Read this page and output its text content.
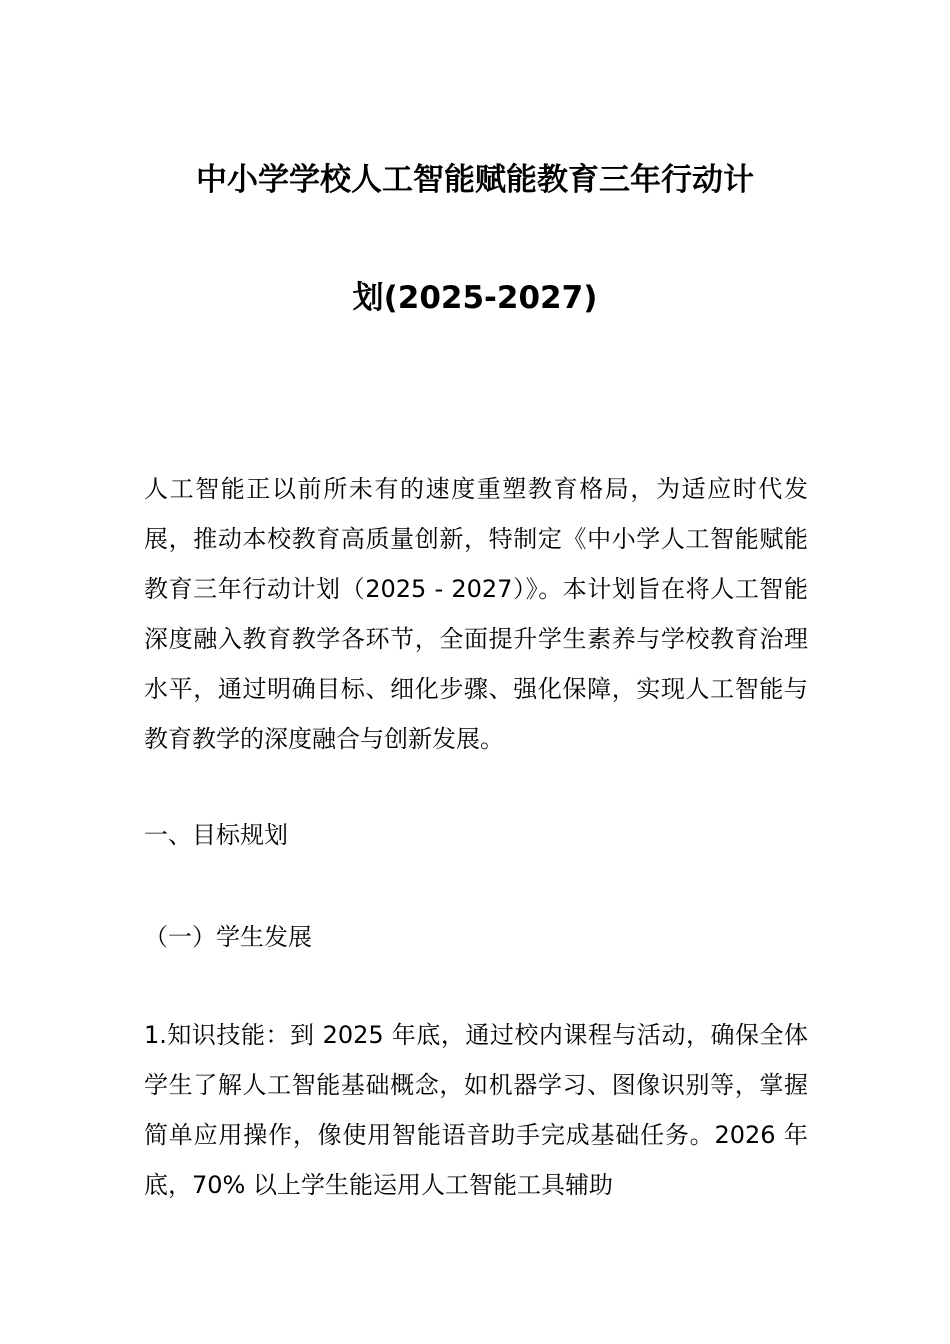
中小学学校人工智能赋能教育三年行动计
划(2025-2027)

人工智能正以前所未有的速度重塑教育格局，为适应时代发展，推动本校教育高质量创新，特制定《中小学人工智能赋能教育三年行动计划（2025 - 2027）》。本计划旨在将人工智能深度融入教育教学各环节，全面提升学生素养与学校教育治理水平，通过明确目标、细化步骤、强化保障，实现人工智能与教育教学的深度融合与创新发展。

一、目标规划

（一）学生发展

1.知识技能：到 2025 年底，通过校内课程与活动，确保全体学生了解人工智能基础概念，如机器学习、图像识别等，掌握简单应用操作，像使用智能语音助手完成基础任务。2026 年底，70% 以上学生能运用人工智能工具辅助
